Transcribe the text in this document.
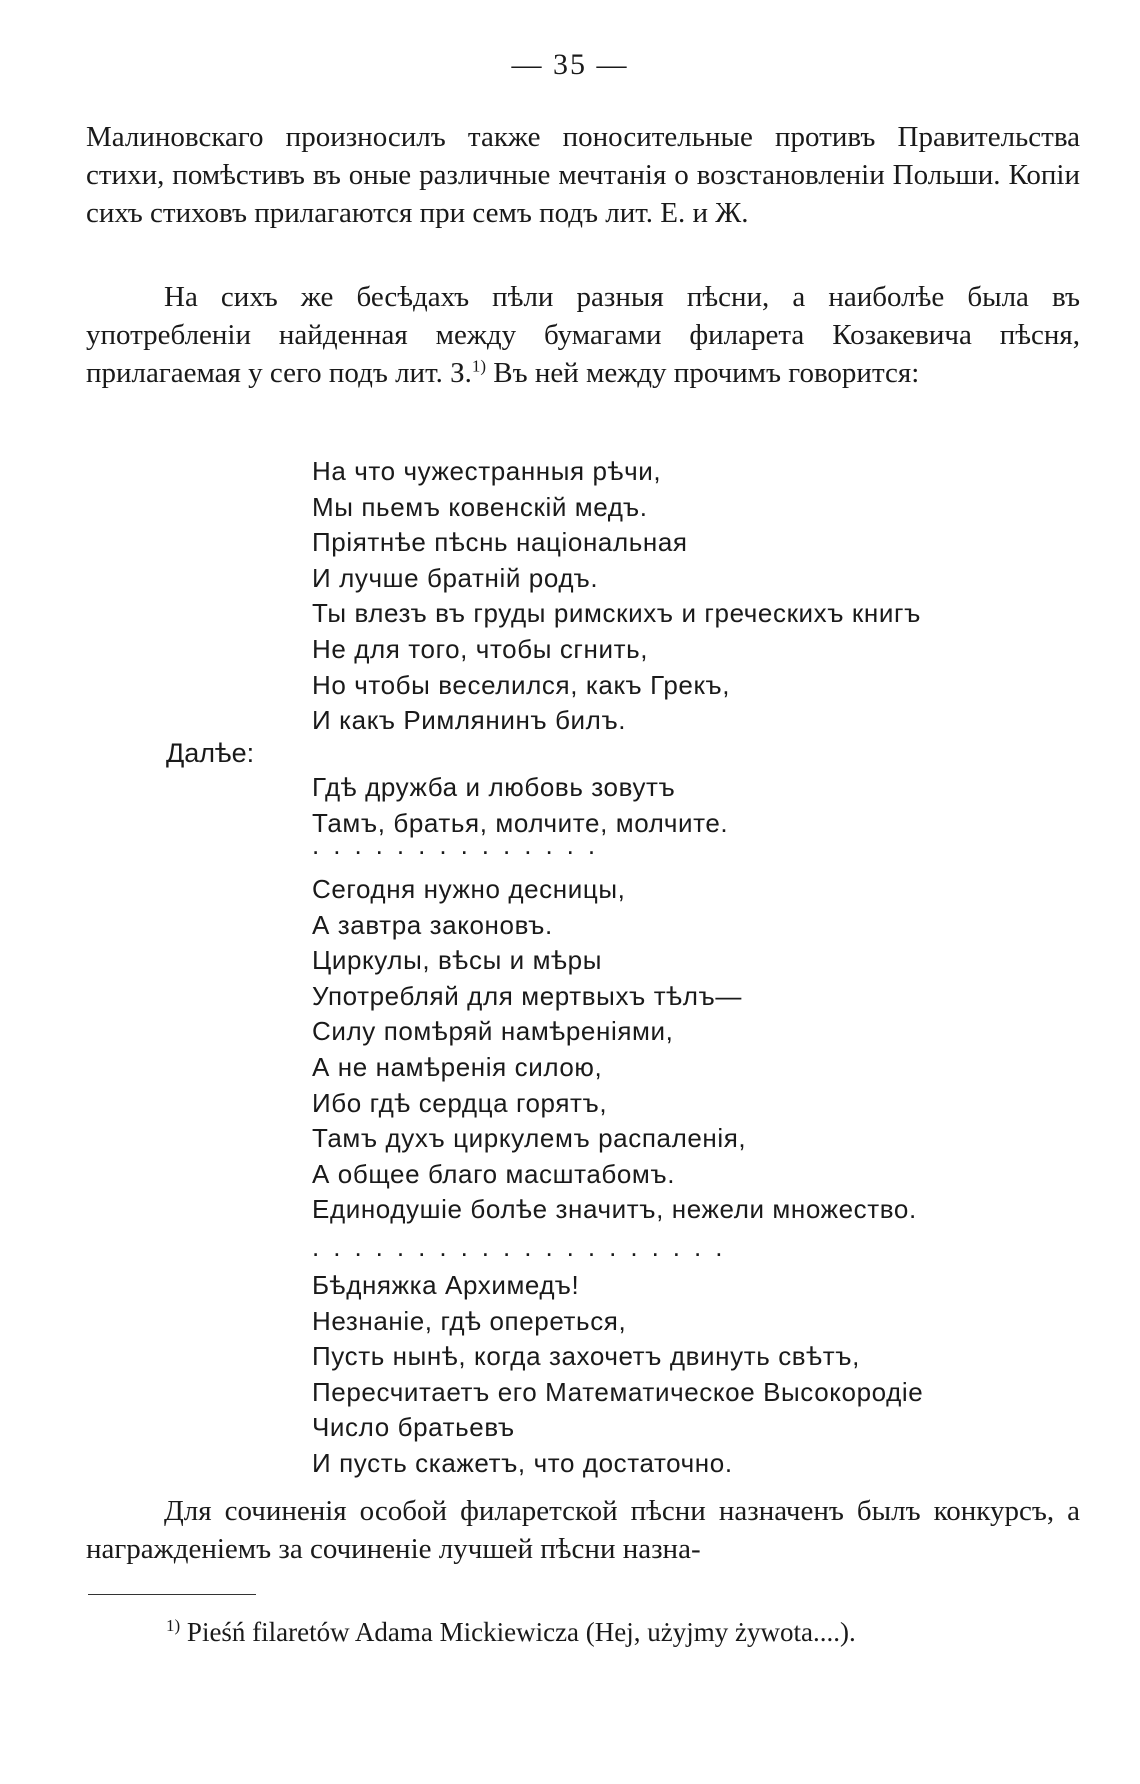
— 35 —

Малиновскаго произносилъ также поносительные противъ Правительства стихи, помѣстивъ въ оные различные мечтанія о возстановленіи Польши. Копіи сихъ стиховъ прилагаются при семъ подъ лит. Е. и Ж.

На сихъ же бесѣдахъ пѣли разныя пѣсни, а наиболѣе была въ употребленіи найденная между бумагами филарета Козакевича пѣсня, прилагаемая у сего подъ лит. З.$^{1)}$ Въ ней между прочимъ говорится:

На что чужестранныя рѣчи,
Мы пьемъ ковенскій медъ.
Пріятнѣе пѣснь національная
И лучше братній родъ.
Ты влезъ въ груды римскихъ и греческихъ книгъ
Не для того, чтобы сгнить,
Но чтобы веселился, какъ Грекъ,
И какъ Римлянинъ билъ.
Далѣе:
Гдѣ дружба и любовь зовутъ
Тамъ, братья, молчите, молчите.
..............
Сегодня нужно десницы,
А завтра законовъ.
Циркулы, вѣсы и мѣры
Употребляй для мертвыхъ тѣлъ—
Силу помѣряй намѣреніями,
А не намѣренія силою,
Ибо гдѣ сердца горятъ,
Тамъ духъ циркулемъ распаленія,
А общее благо масштабомъ.
Единодушіе болѣе значитъ, нежели множество.
....................
Бѣдняжка Архимедъ!
Незнаніе, гдѣ опереться,
Пусть нынѣ, когда захочетъ двинуть свѣтъ,
Пересчитаетъ его Математическое Высокородіе
Число братьевъ
И пусть скажетъ, что достаточно.

Для сочиненія особой филаретской пѣсни назначенъ былъ конкурсъ, а награжденіемъ за сочиненіе лучшей пѣсни назна-

$^{1)}$ Pieśń filaretów Adama Mickiewicza (Hej, użyjmy żywota....).
